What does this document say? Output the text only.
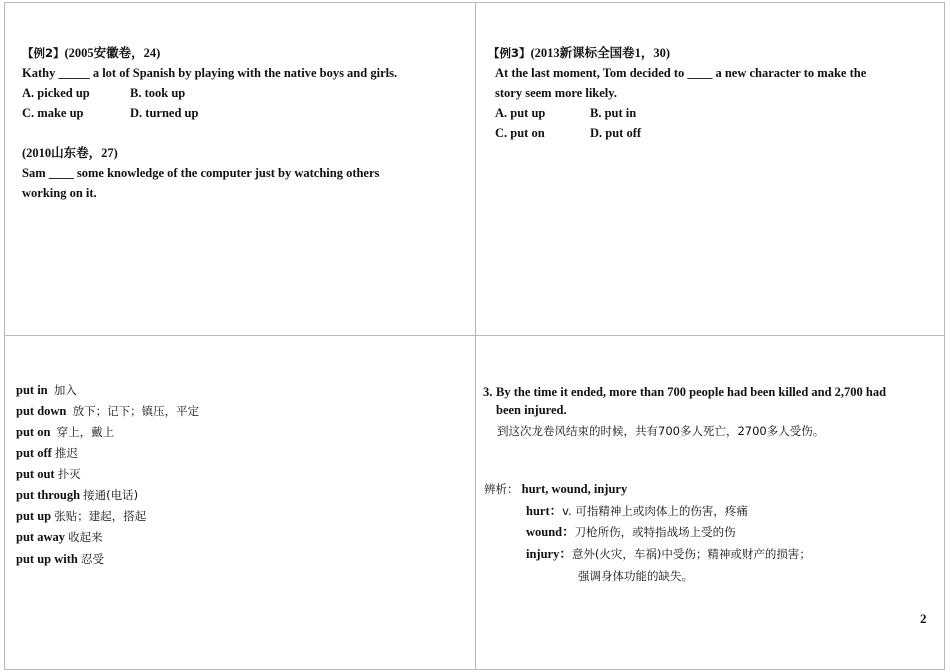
【例2】(2005安徽卷，24)
Kathy _____ a lot of Spanish by playing with the native boys and girls.
A. picked up	B. took up
C. make up	D. turned up
(2010山东卷，27)
Sam ____ some knowledge of the computer just by watching others
working on it.
【例3】(2013新课标全国卷1，30)
At the last moment, Tom decided to ____ a new character to make the
story seem more likely.
A. put up	B. put in
C. put on	D. put off
put in 加入
put down 放下；记下；镇压，平定
put on 穿上，戴上
put off 推迟
put out 扑灭
put through 接通(电话)
put up 张贴；建起，搭起
put away 收起来
put up with 忍受
3. By the time it ended, more than 700 people had been killed and 2,700 had
been injured.
到这次龙卷风结束的时候，共有700多人死亡，2700多人受伤。
辨析： hurt, wound, injury
hurt：v. 可指精神上或肉体上的伤害，疼痛
wound：刀枪所伤，或特指战场上受的伤
injury：意外(火灾，车祸)中受伤；精神或财产的损害；
强调身体功能的缺失。
2
